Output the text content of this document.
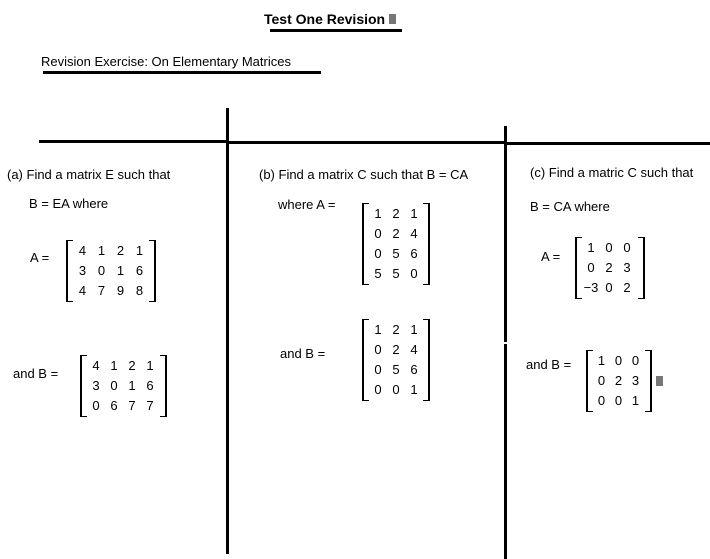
Test One Revision
Revision Exercise: On Elementary Matrices
(a) Find a matrix E such that
B = EA where
A = 4	1	2	1
3	0	1	6
4	7	9	8
and B =
4	1	2	1
3	0	1	6
0	6	7	7
(b) Find a matrix C such that B = CA
where A =
1	2	1
0	2	4
0	5	6
5	5	0
and B =
1	2	1
0	2	4
0	5	6
0	0	1
(c) Find a matric C such that
B = CA where
A =
1	0	0
0	2	3
−3	0	2
and B = 1	0	0
0	2	3
0	0	1
